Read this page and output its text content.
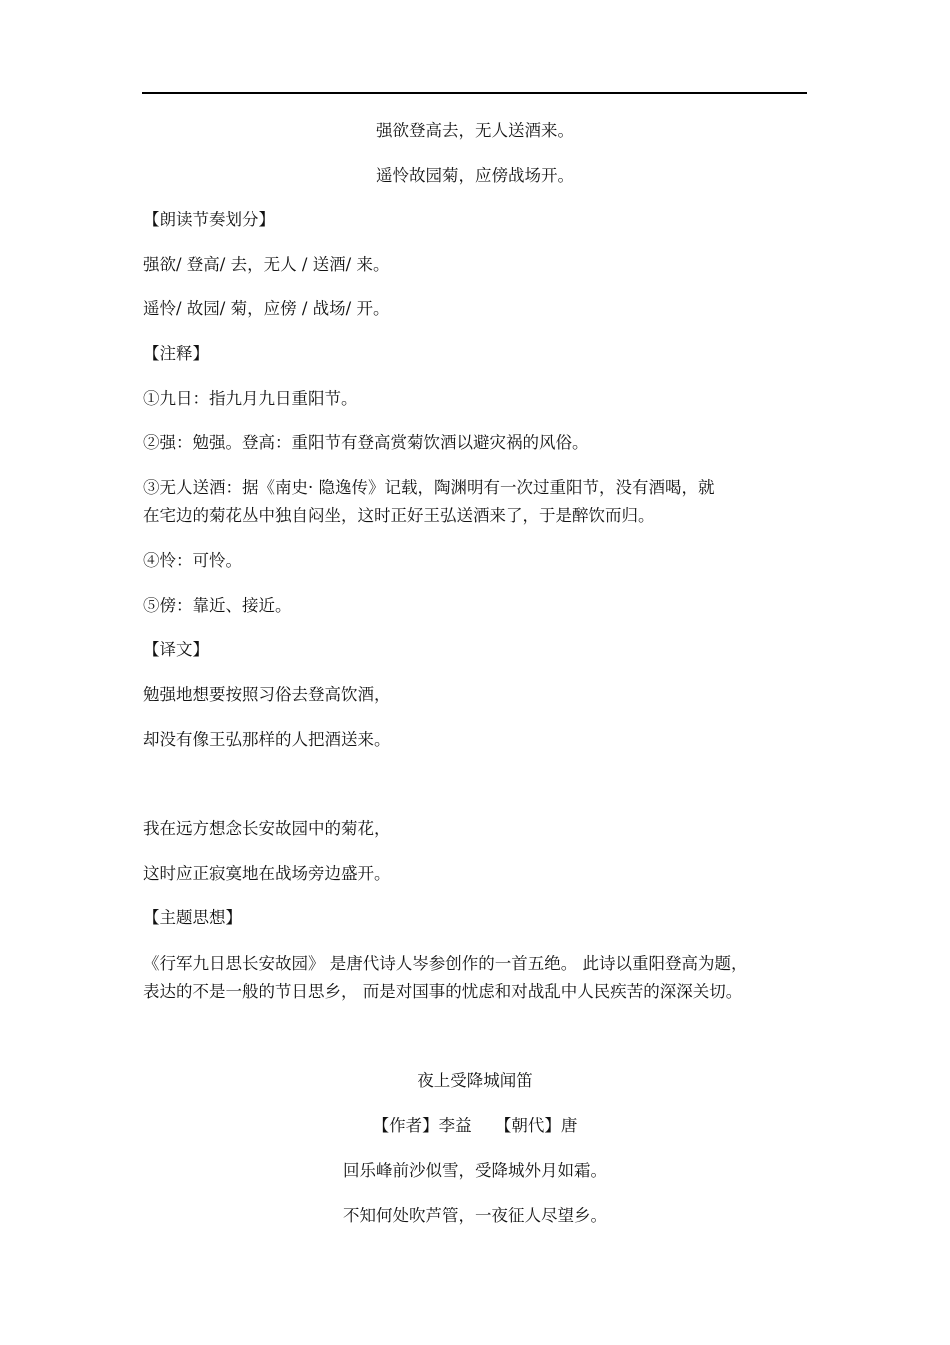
强欲登高去，无人送酒来。
遥怜故园菊，应傍战场开。
【朗读节奏划分】
强欲/ 登高/ 去，无人 / 送酒/ 来。
遥怜/ 故园/ 菊，应傍 / 战场/ 开。
【注释】
①九日：指九月九日重阳节。
②强：勉强。登高：重阳节有登高赏菊饮酒以避灾祸的风俗。
③无人送酒：据《南史· 隐逸传》记载，陶渊明有一次过重阳节，没有酒喝，就
在宅边的菊花丛中独自闷坐，这时正好王弘送酒来了，于是醉饮而归。
④怜：可怜。
⑤傍：靠近、接近。
【译文】
勉强地想要按照习俗去登高饮酒，
却没有像王弘那样的人把酒送来。
我在远方想念长安故园中的菊花，
这时应正寂寞地在战场旁边盛开。
【主题思想】
《行军九日思长安故园》 是唐代诗人岑参创作的一首五绝。 此诗以重阳登高为题，
表达的不是一般的节日思乡， 而是对国事的忧虑和对战乱中人民疾苦的深深关切。
夜上受降城闻笛
【作者】李益 【朝代】唐
回乐峰前沙似雪，受降城外月如霜。
不知何处吹芦管，一夜征人尽望乡。
